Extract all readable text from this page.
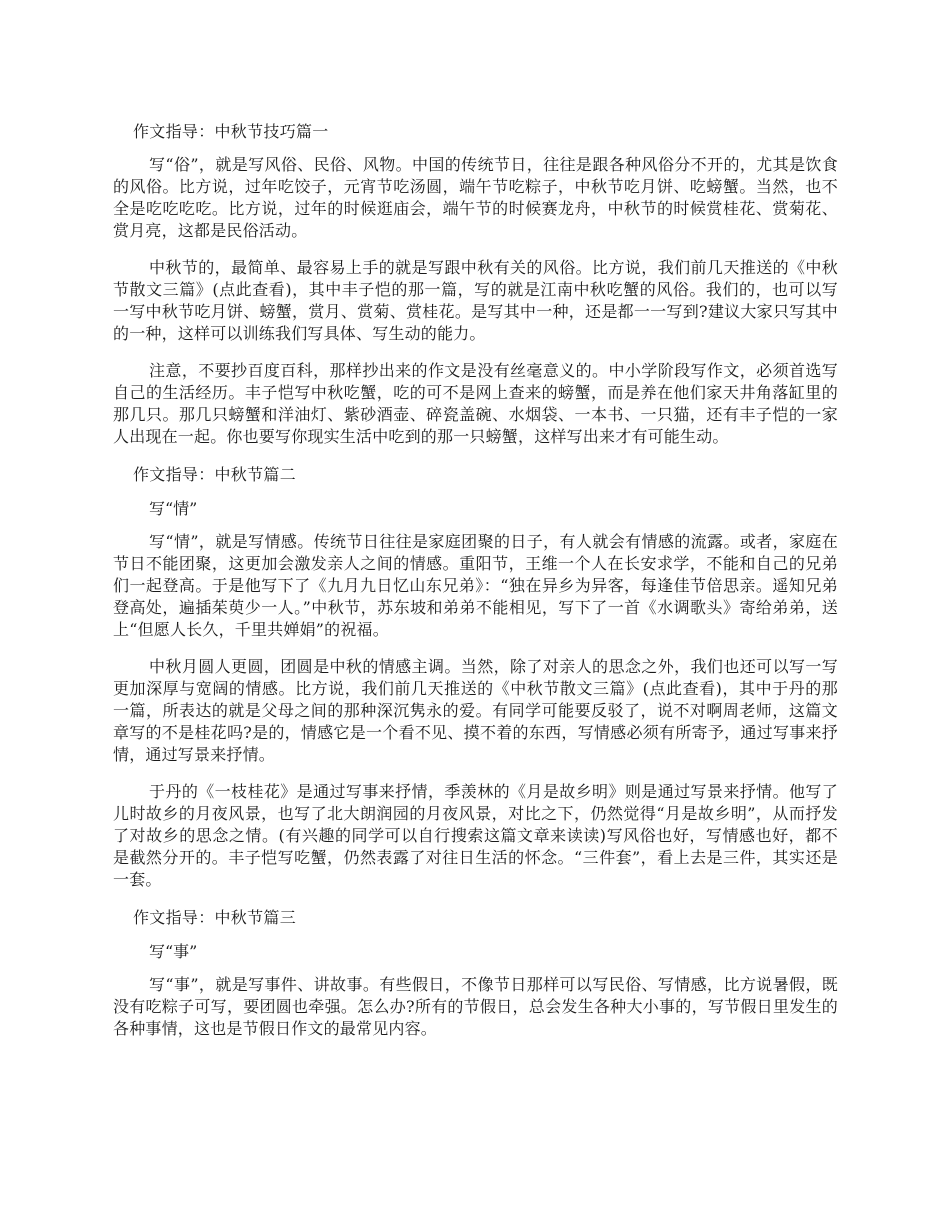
作文指导：中秋节技巧篇一

写“俗”，就是写风俗、民俗、风物。中国的传统节日，往往是跟各种风俗分不开的，尤其是饮食的风俗。比方说，过年吃饺子，元宵节吃汤圆，端午节吃粽子，中秋节吃月饼、吃螃蟹。当然，也不全是吃吃吃吃。比方说，过年的时候逛庙会，端午节的时候赛龙舟，中秋节的时候赏桂花、赏菊花、赏月亮，这都是民俗活动。

中秋节的，最简单、最容易上手的就是写跟中秋有关的风俗。比方说，我们前几天推送的《中秋节散文三篇》(点此查看)，其中丰子恺的那一篇，写的就是江南中秋吃蟹的风俗。我们的，也可以写一写中秋节吃月饼、螃蟹，赏月、赏菊、赏桂花。是写其中一种，还是都一一写到?建议大家只写其中的一种，这样可以训练我们写具体、写生动的能力。

注意，不要抄百度百科，那样抄出来的作文是没有丝毫意义的。中小学阶段写作文，必须首选写自己的生活经历。丰子恺写中秋吃蟹，吃的可不是网上查来的螃蟹，而是养在他们家天井角落缸里的那几只。那几只螃蟹和洋油灯、紫砂酒壶、碎瓷盖碗、水烟袋、一本书、一只猫，还有丰子恺的一家人出现在一起。你也要写你现实生活中吃到的那一只螃蟹，这样写出来才有可能生动。

作文指导：中秋节篇二
写“情”

写“情”，就是写情感。传统节日往往是家庭团聚的日子，有人就会有情感的流露。或者，家庭在节日不能团聚，这更加会激发亲人之间的情感。重阳节，王维一个人在长安求学，不能和自己的兄弟们一起登高。于是他写下了《九月九日忆山东兄弟》：“独在异乡为异客，每逢佳节倍思亲。遥知兄弟登高处，遍插茱萸少一人。”中秋节，苏东坡和弟弟不能相见，写下了一首《水调歌头》寄给弟弟，送上“但愿人长久，千里共婵娟”的祝福。

中秋月圆人更圆，团圆是中秋的情感主调。当然，除了对亲人的思念之外，我们也还可以写一写更加深厚与宽阔的情感。比方说，我们前几天推送的《中秋节散文三篇》(点此查看)，其中于丹的那一篇，所表达的就是父母之间的那种深沉隽永的爱。有同学可能要反驳了，说不对啊周老师，这篇文章写的不是桂花吗?是的，情感它是一个看不见、摸不着的东西，写情感必须有所寄予，通过写事来抒情，通过写景来抒情。

于丹的《一枝桂花》是通过写事来抒情，季羡林的《月是故乡明》则是通过写景来抒情。他写了儿时故乡的月夜风景，也写了北大朗润园的月夜风景，对比之下，仍然觉得“月是故乡明”，从而抒发了对故乡的思念之情。(有兴趣的同学可以自行搜索这篇文章来读读)写风俗也好，写情感也好，都不是截然分开的。丰子恺写吃蟹，仍然表露了对往日生活的怀念。“三件套”，看上去是三件，其实还是一套。

作文指导：中秋节篇三
写“事”

写“事”，就是写事件、讲故事。有些假日，不像节日那样可以写民俗、写情感，比方说暑假，既没有吃粽子可写，要团圆也牵强。怎么办?所有的节假日，总会发生各种大小事的，写节假日里发生的各种事情，这也是节假日作文的最常见内容。
